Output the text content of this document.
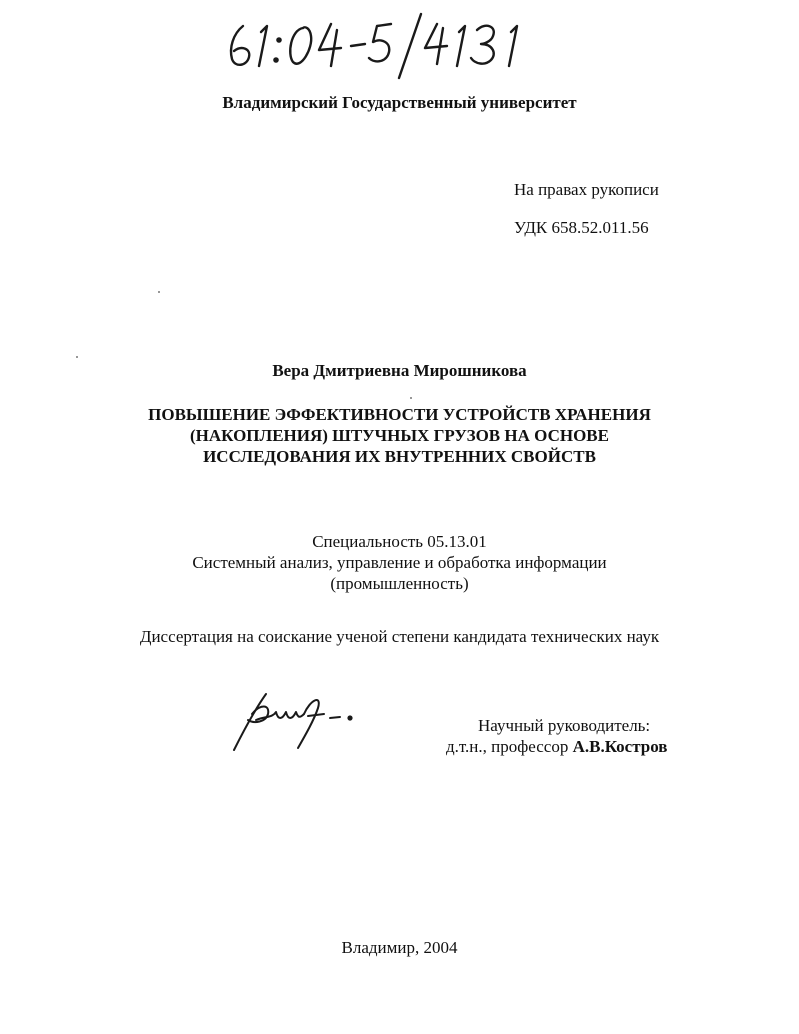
Владимирский Государственный университет
На правах рукописи
УДК 658.52.011.56
Вера Дмитриевна Мирошникова
ПОВЫШЕНИЕ ЭФФЕКТИВНОСТИ УСТРОЙСТВ ХРАНЕНИЯ
(НАКОПЛЕНИЯ) ШТУЧНЫХ ГРУЗОВ НА ОСНОВЕ
ИССЛЕДОВАНИЯ ИХ ВНУТРЕННИХ СВОЙСТВ
Специальность 05.13.01
Системный анализ, управление и обработка информации
(промышленность)
Диссертация на соискание ученой степени кандидата технических наук
Научный руководитель:
д.т.н., профессор А.В.Костров
Владимир, 2004
